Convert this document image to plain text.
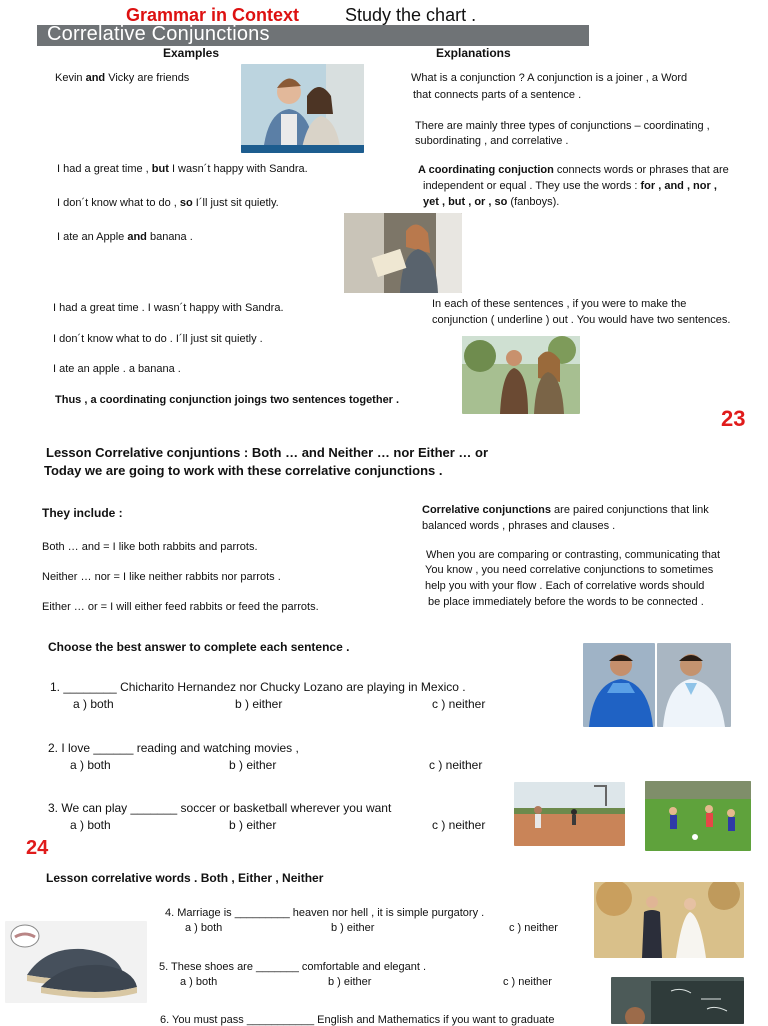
Grammar in Context	Study the chart .
Correlative Conjunctions
Examples	Explanations
Kevin and Vicky are friends
I had a great time , but I wasn´t happy with Sandra.
I don´t know what to do , so I´ll just sit quietly.
I ate an Apple and banana .
I had a great time . I wasn´t happy with Sandra.
I don´t know what to do . I´ll just sit quietly .
I ate an apple . a banana .
Thus , a coordinating conjunction joings two sentences together .
What is a conjunction ? A conjunction is a joiner , a Word
that connects parts of a sentence .
There are mainly three types of conjunctions – coordinating ,
subordinating , and correlative .
A coordinating conjuction connects words or phrases that are
independent or equal . They use the words : for , and , nor ,
yet , but , or , so (fanboys).
In each of these sentences , if you were to make the
conjunction ( underline ) out . You would have two sentences.
23
Lesson Correlative conjuntions : Both … and Neither … nor Either … or
Today we are going to work with these correlative conjunctions .
They include :
Both … and = I like both rabbits and parrots.
Neither … nor = I like neither rabbits nor parrots .
Either … or = I will either feed rabbits or feed the parrots.
Correlative conjunctions are paired conjunctions that link
balanced words , phrases and clauses .
When you are comparing or contrasting, communicating that
You know , you need correlative conjunctions to sometimes
help you with your flow . Each of correlative words should
be place immediately before the words to be connected .
Choose the best answer to complete each sentence .
1. ________ Chicharito Hernandez nor Chucky Lozano are playing in Mexico .
a ) both	b ) either	c ) neither
2. I love ______ reading and watching movies ,
a ) both	b ) either	c ) neither
3. We can play _______ soccer or basketball wherever you want
a ) both	b ) either	c ) neither
24
Lesson correlative words . Both , Either , Neither
4. Marriage is _________ heaven nor hell , it is simple purgatory .
a ) both	b ) either	c ) neither
5. These shoes are _______ comfortable and elegant .
a ) both	b ) either	c ) neither
6. You must pass ___________ English and Mathematics if you want to graduate
